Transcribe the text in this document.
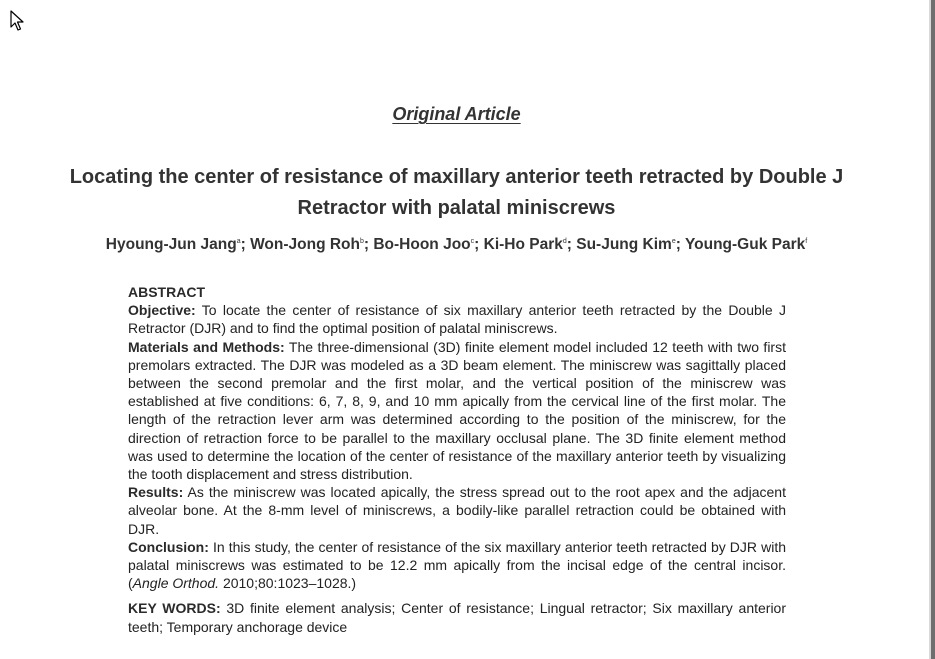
Original Article
Locating the center of resistance of maxillary anterior teeth retracted by Double J Retractor with palatal miniscrews
Hyoung-Jun Jang$^a$; Won-Jong Roh$^b$; Bo-Hoon Joo$^c$; Ki-Ho Park$^d$; Su-Jung Kim$^e$; Young-Guk Park$^f$

ABSTRACT

Objective: To locate the center of resistance of six maxillary anterior teeth retracted by the Double J Retractor (DJR) and to find the optimal position of palatal miniscrews.

Materials and Methods: The three-dimensional (3D) finite element model included 12 teeth with two first premolars extracted. The DJR was modeled as a 3D beam element. The miniscrew was sagittally placed between the second premolar and the first molar, and the vertical position of the miniscrew was established at five conditions: 6, 7, 8, 9, and 10 mm apically from the cervical line of the first molar. The length of the retraction lever arm was determined according to the position of the miniscrew, for the direction of retraction force to be parallel to the maxillary occlusal plane. The 3D finite element method was used to determine the location of the center of resistance of the maxillary anterior teeth by visualizing the tooth displacement and stress distribution.

Results: As the miniscrew was located apically, the stress spread out to the root apex and the adjacent alveolar bone. At the 8-mm level of miniscrews, a bodily-like parallel retraction could be obtained with DJR.

Conclusion: In this study, the center of resistance of the six maxillary anterior teeth retracted by DJR with palatal miniscrews was estimated to be 12.2 mm apically from the incisal edge of the central incisor. (Angle Orthod. 2010;80:1023–1028.)

KEY WORDS: 3D finite element analysis; Center of resistance; Lingual retractor; Six maxillary anterior teeth; Temporary anchorage device
